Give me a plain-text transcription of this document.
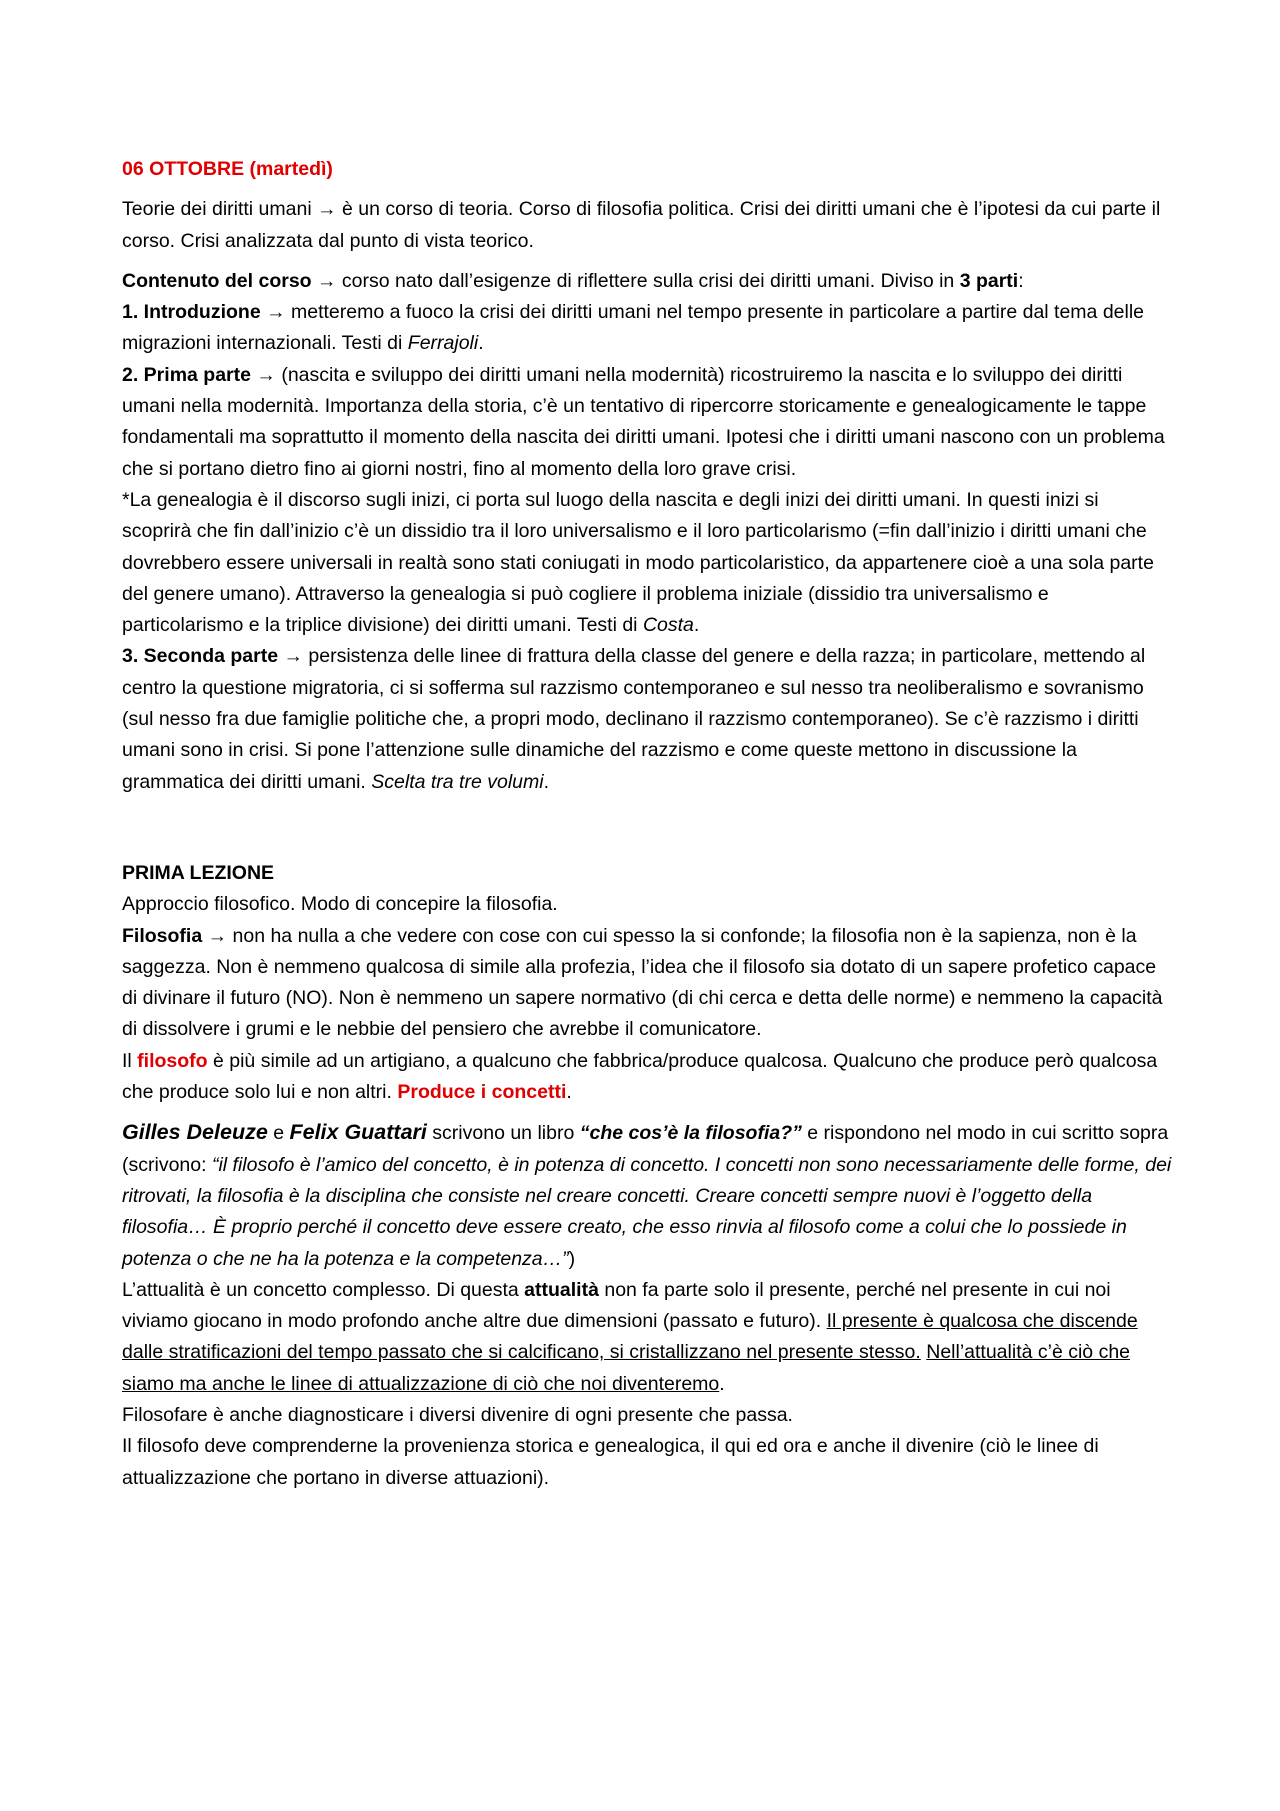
06 OTTOBRE (martedì)

Teorie dei diritti umani → è un corso di teoria. Corso di filosofia politica. Crisi dei diritti umani che è l’ipotesi da cui parte il corso. Crisi analizzata dal punto di vista teorico.

Contenuto del corso → corso nato dall’esigenze di riflettere sulla crisi dei diritti umani. Diviso in 3 parti:

1. Introduzione → metteremo a fuoco la crisi dei diritti umani nel tempo presente in particolare a partire dal tema delle migrazioni internazionali. Testi di Ferrajoli.

2. Prima parte → (nascita e sviluppo dei diritti umani nella modernità) ricostruiremo la nascita e lo sviluppo dei diritti umani nella modernità. Importanza della storia, c’è un tentativo di ripercorre storicamente e genealogicamente le tappe fondamentali ma soprattutto il momento della nascita dei diritti umani. Ipotesi che i diritti umani nascono con un problema che si portano dietro fino ai giorni nostri, fino al momento della loro grave crisi.

*La genealogia è il discorso sugli inizi, ci porta sul luogo della nascita e degli inizi dei diritti umani. In questi inizi si scoprirà che fin dall’inizio c’è un dissidio tra il loro universalismo e il loro particolarismo (=fin dall’inizio i diritti umani che dovrebbero essere universali in realtà sono stati coniugati in modo particolaristico, da appartenere cioè a una sola parte del genere umano). Attraverso la genealogia si può cogliere il problema iniziale (dissidio tra universalismo e particolarismo e la triplice divisione) dei diritti umani. Testi di Costa.

3. Seconda parte → persistenza delle linee di frattura della classe del genere e della razza; in particolare, mettendo al centro la questione migratoria, ci si sofferma sul razzismo contemporaneo e sul nesso tra neoliberalismo e sovranismo (sul nesso fra due famiglie politiche che, a propri modo, declinano il razzismo contemporaneo). Se c’è razzismo i diritti umani sono in crisi. Si pone l’attenzione sulle dinamiche del razzismo e come queste mettono in discussione la grammatica dei diritti umani. Scelta tra tre volumi.

PRIMA LEZIONE

Approccio filosofico. Modo di concepire la filosofia.

Filosofia → non ha nulla a che vedere con cose con cui spesso la si confonde; la filosofia non è la sapienza, non è la saggezza. Non è nemmeno qualcosa di simile alla profezia, l’idea che il filosofo sia dotato di un sapere profetico capace di divinare il futuro (NO). Non è nemmeno un sapere normativo (di chi cerca e detta delle norme) e nemmeno la capacità di dissolvere i grumi e le nebbie del pensiero che avrebbe il comunicatore.

Il filosofo è più simile ad un artigiano, a qualcuno che fabbrica/produce qualcosa. Qualcuno che produce però qualcosa che produce solo lui e non altri. Produce i concetti.

Gilles Deleuze e Felix Guattari scrivono un libro “che cos’è la filosofia?” e rispondono nel modo in cui scritto sopra (scrivono: “il filosofo è l’amico del concetto, è in potenza di concetto. I concetti non sono necessariamente delle forme, dei ritrovati, la filosofia è la disciplina che consiste nel creare concetti. Creare concetti sempre nuovi è l’oggetto della filosofia… È proprio perché il concetto deve essere creato, che esso rinvia al filosofo come a colui che lo possiede in potenza o che ne ha la potenza e la competenza…”)

L’attualità è un concetto complesso. Di questa attualità non fa parte solo il presente, perché nel presente in cui noi viviamo giocano in modo profondo anche altre due dimensioni (passato e futuro). Il presente è qualcosa che discende dalle stratificazioni del tempo passato che si calcificano, si cristallizzano nel presente stesso. Nell’attualità c’è ciò che siamo ma anche le linee di attualizzazione di ciò che noi diventeremo.

Filosofare è anche diagnosticare i diversi divenire di ogni presente che passa.

Il filosofo deve comprenderne la provenienza storica e genealogica, il qui ed ora e anche il divenire (ciò le linee di attualizzazione che portano in diverse attuazioni).
